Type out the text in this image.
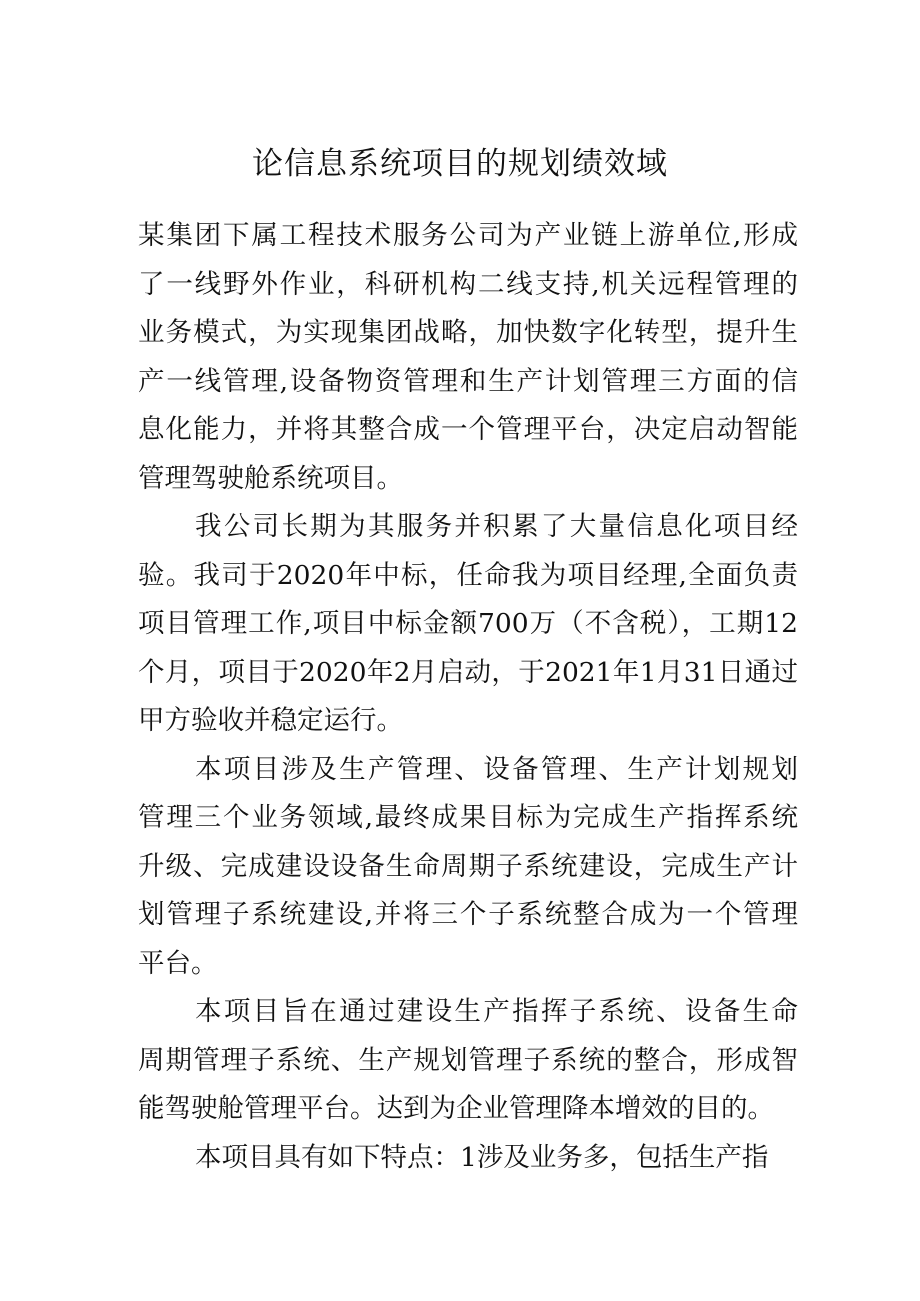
论信息系统项目的规划绩效域

某集团下属工程技术服务公司为产业链上游单位,形成
了一线野外作业，科研机构二线支持,机关远程管理的
业务模式，为实现集团战略，加快数字化转型，提升生
产一线管理,设备物资管理和生产计划管理三方面的信
息化能力，并将其整合成一个管理平台，决定启动智能
管理驾驶舱系统项目。

我公司长期为其服务并积累了大量信息化项目经
验。我司于2020年中标，任命我为项目经理,全面负责
项目管理工作,项目中标金额700万（不含税），工期12
个月，项目于2020年2月启动，于2021年1月31日通过
甲方验收并稳定运行。

本项目涉及生产管理、设备管理、生产计划规划
管理三个业务领域,最终成果目标为完成生产指挥系统
升级、完成建设设备生命周期子系统建设，完成生产计
划管理子系统建设,并将三个子系统整合成为一个管理
平台。

本项目旨在通过建设生产指挥子系统、设备生命
周期管理子系统、生产规划管理子系统的整合，形成智
能驾驶舱管理平台。达到为企业管理降本增效的目的。

本项目具有如下特点：1涉及业务多，包括生产指
